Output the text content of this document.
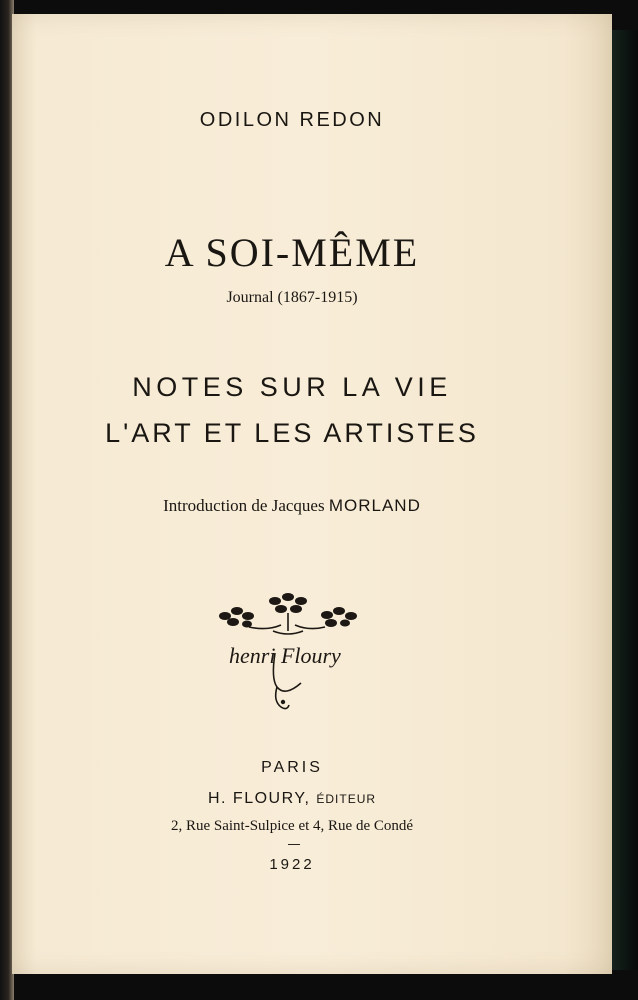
ODILON REDON
A SOI-MÊME
Journal (1867-1915)
NOTES SUR LA VIE
L'ART ET LES ARTISTES
Introduction de Jacques MORLAND
henri Floury
PARIS
H. FLOURY, ÉDITEUR
2, Rue Saint-Sulpice et 4, Rue de Condé
1922
